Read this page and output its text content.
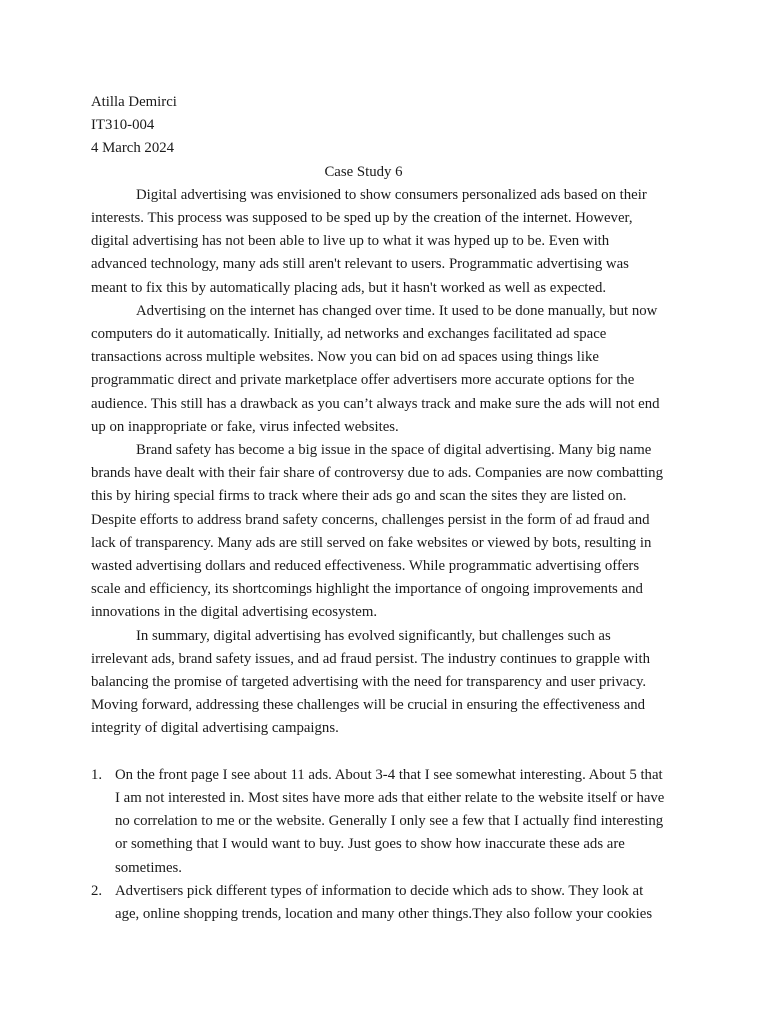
Atilla Demirci
IT310-004
4 March 2024
Case Study 6
Digital advertising was envisioned to show consumers personalized ads based on their
interests. This process was supposed to be sped up by the creation of the internet. However,
digital advertising has not been able to live up to what it was hyped up to be. Even with
advanced technology, many ads still aren't relevant to users. Programmatic advertising was
meant to fix this by automatically placing ads, but it hasn't worked as well as expected.
Advertising on the internet has changed over time. It used to be done manually, but now
computers do it automatically. Initially, ad networks and exchanges facilitated ad space
transactions across multiple websites. Now you can bid on ad spaces using things like
programmatic direct and private marketplace offer advertisers more accurate options for the
audience. This still has a drawback as you can’t always track and make sure the ads will not end
up on inappropriate or fake, virus infected websites.
Brand safety has become a big issue in the space of digital advertising. Many big name
brands have dealt with their fair share of controversy due to ads. Companies are now combatting
this by hiring special firms to track where their ads go and scan the sites they are listed on.
Despite efforts to address brand safety concerns, challenges persist in the form of ad fraud and
lack of transparency. Many ads are still served on fake websites or viewed by bots, resulting in
wasted advertising dollars and reduced effectiveness. While programmatic advertising offers
scale and efficiency, its shortcomings highlight the importance of ongoing improvements and
innovations in the digital advertising ecosystem.
In summary, digital advertising has evolved significantly, but challenges such as
irrelevant ads, brand safety issues, and ad fraud persist. The industry continues to grapple with
balancing the promise of targeted advertising with the need for transparency and user privacy.
Moving forward, addressing these challenges will be crucial in ensuring the effectiveness and
integrity of digital advertising campaigns.
1. On the front page I see about 11 ads. About 3-4 that I see somewhat interesting. About 5 that
I am not interested in. Most sites have more ads that either relate to the website itself or have
no correlation to me or the website. Generally I only see a few that I actually find interesting
or something that I would want to buy. Just goes to show how inaccurate these ads are
sometimes.
2. Advertisers pick different types of information to decide which ads to show. They look at
age, online shopping trends, location and many other things.They also follow your cookies
